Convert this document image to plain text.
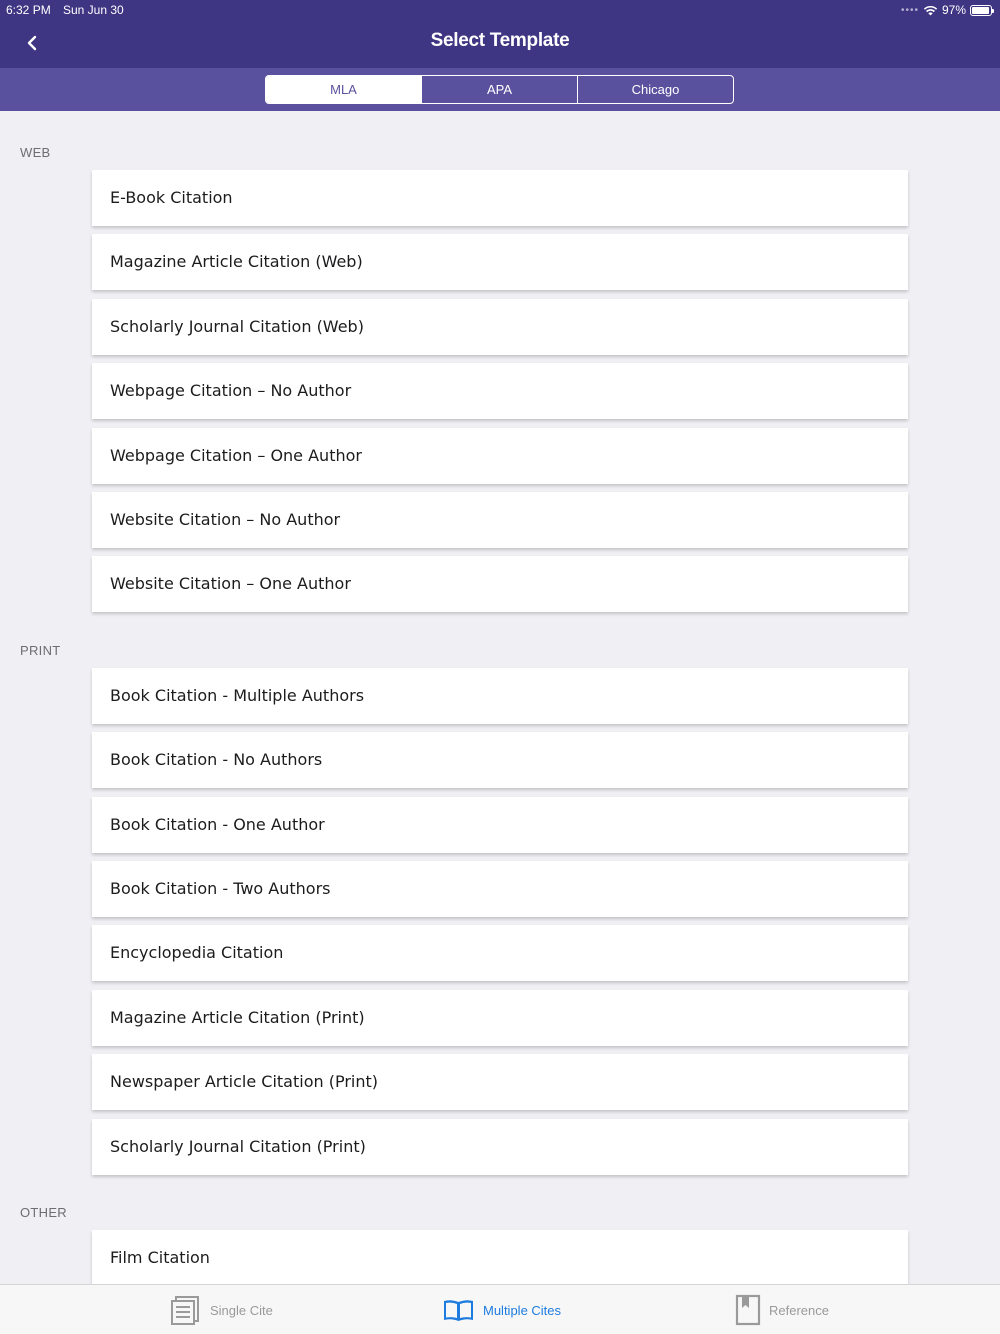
6:32 PM Sun Jun 30	•••• 97%
Select Template
MLA	APA	Chicago
WEB
E-Book Citation
Magazine Article Citation (Web)
Scholarly Journal Citation (Web)
Webpage Citation – No Author
Webpage Citation – One Author
Website Citation – No Author
Website Citation – One Author
PRINT
Book Citation - Multiple Authors
Book Citation - No Authors
Book Citation - One Author
Book Citation - Two Authors
Encyclopedia Citation
Magazine Article Citation (Print)
Newspaper Article Citation (Print)
Scholarly Journal Citation (Print)
OTHER
Film Citation
Single Cite	Multiple Cites	Reference
